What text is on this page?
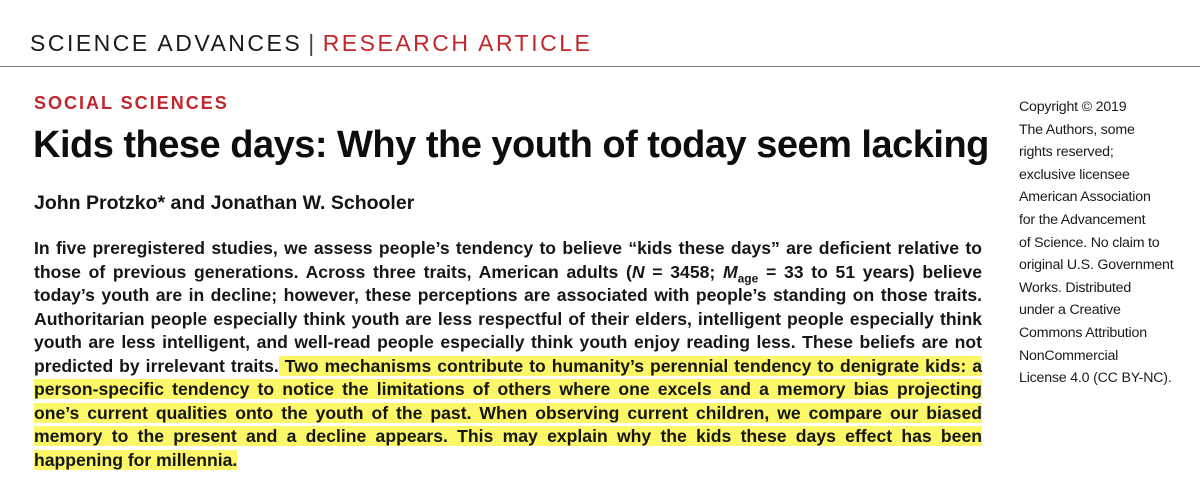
SCIENCE ADVANCES | RESEARCH ARTICLE
SOCIAL SCIENCES
Kids these days: Why the youth of today seem lacking
John Protzko* and Jonathan W. Schooler

In five preregistered studies, we assess people’s tendency to believe “kids these days” are deficient relative to those of previous generations. Across three traits, American adults (N = 3458; $M_{age} = 33$ to 51 years) believe today’s youth are in decline; however, these perceptions are associated with people’s standing on those traits. Authoritarian people especially think youth are less respectful of their elders, intelligent people especially think youth are less intelligent, and well-read people especially think youth enjoy reading less. These beliefs are not predicted by irrelevant traits. Two mechanisms contribute to humanity’s perennial tendency to denigrate kids: a person-specific tendency to notice the limitations of others where one excels and a memory bias projecting one’s current qualities onto the youth of the past. When observing current children, we compare our biased memory to the present and a decline appears. This may explain why the kids these days effect has been happening for millennia.

Copyright © 2019
The Authors, some
rights reserved;
exclusive licensee
American Association
for the Advancement
of Science. No claim to
original U.S. Government
Works. Distributed
under a Creative
Commons Attribution
NonCommercial
License 4.0 (CC BY-NC).
